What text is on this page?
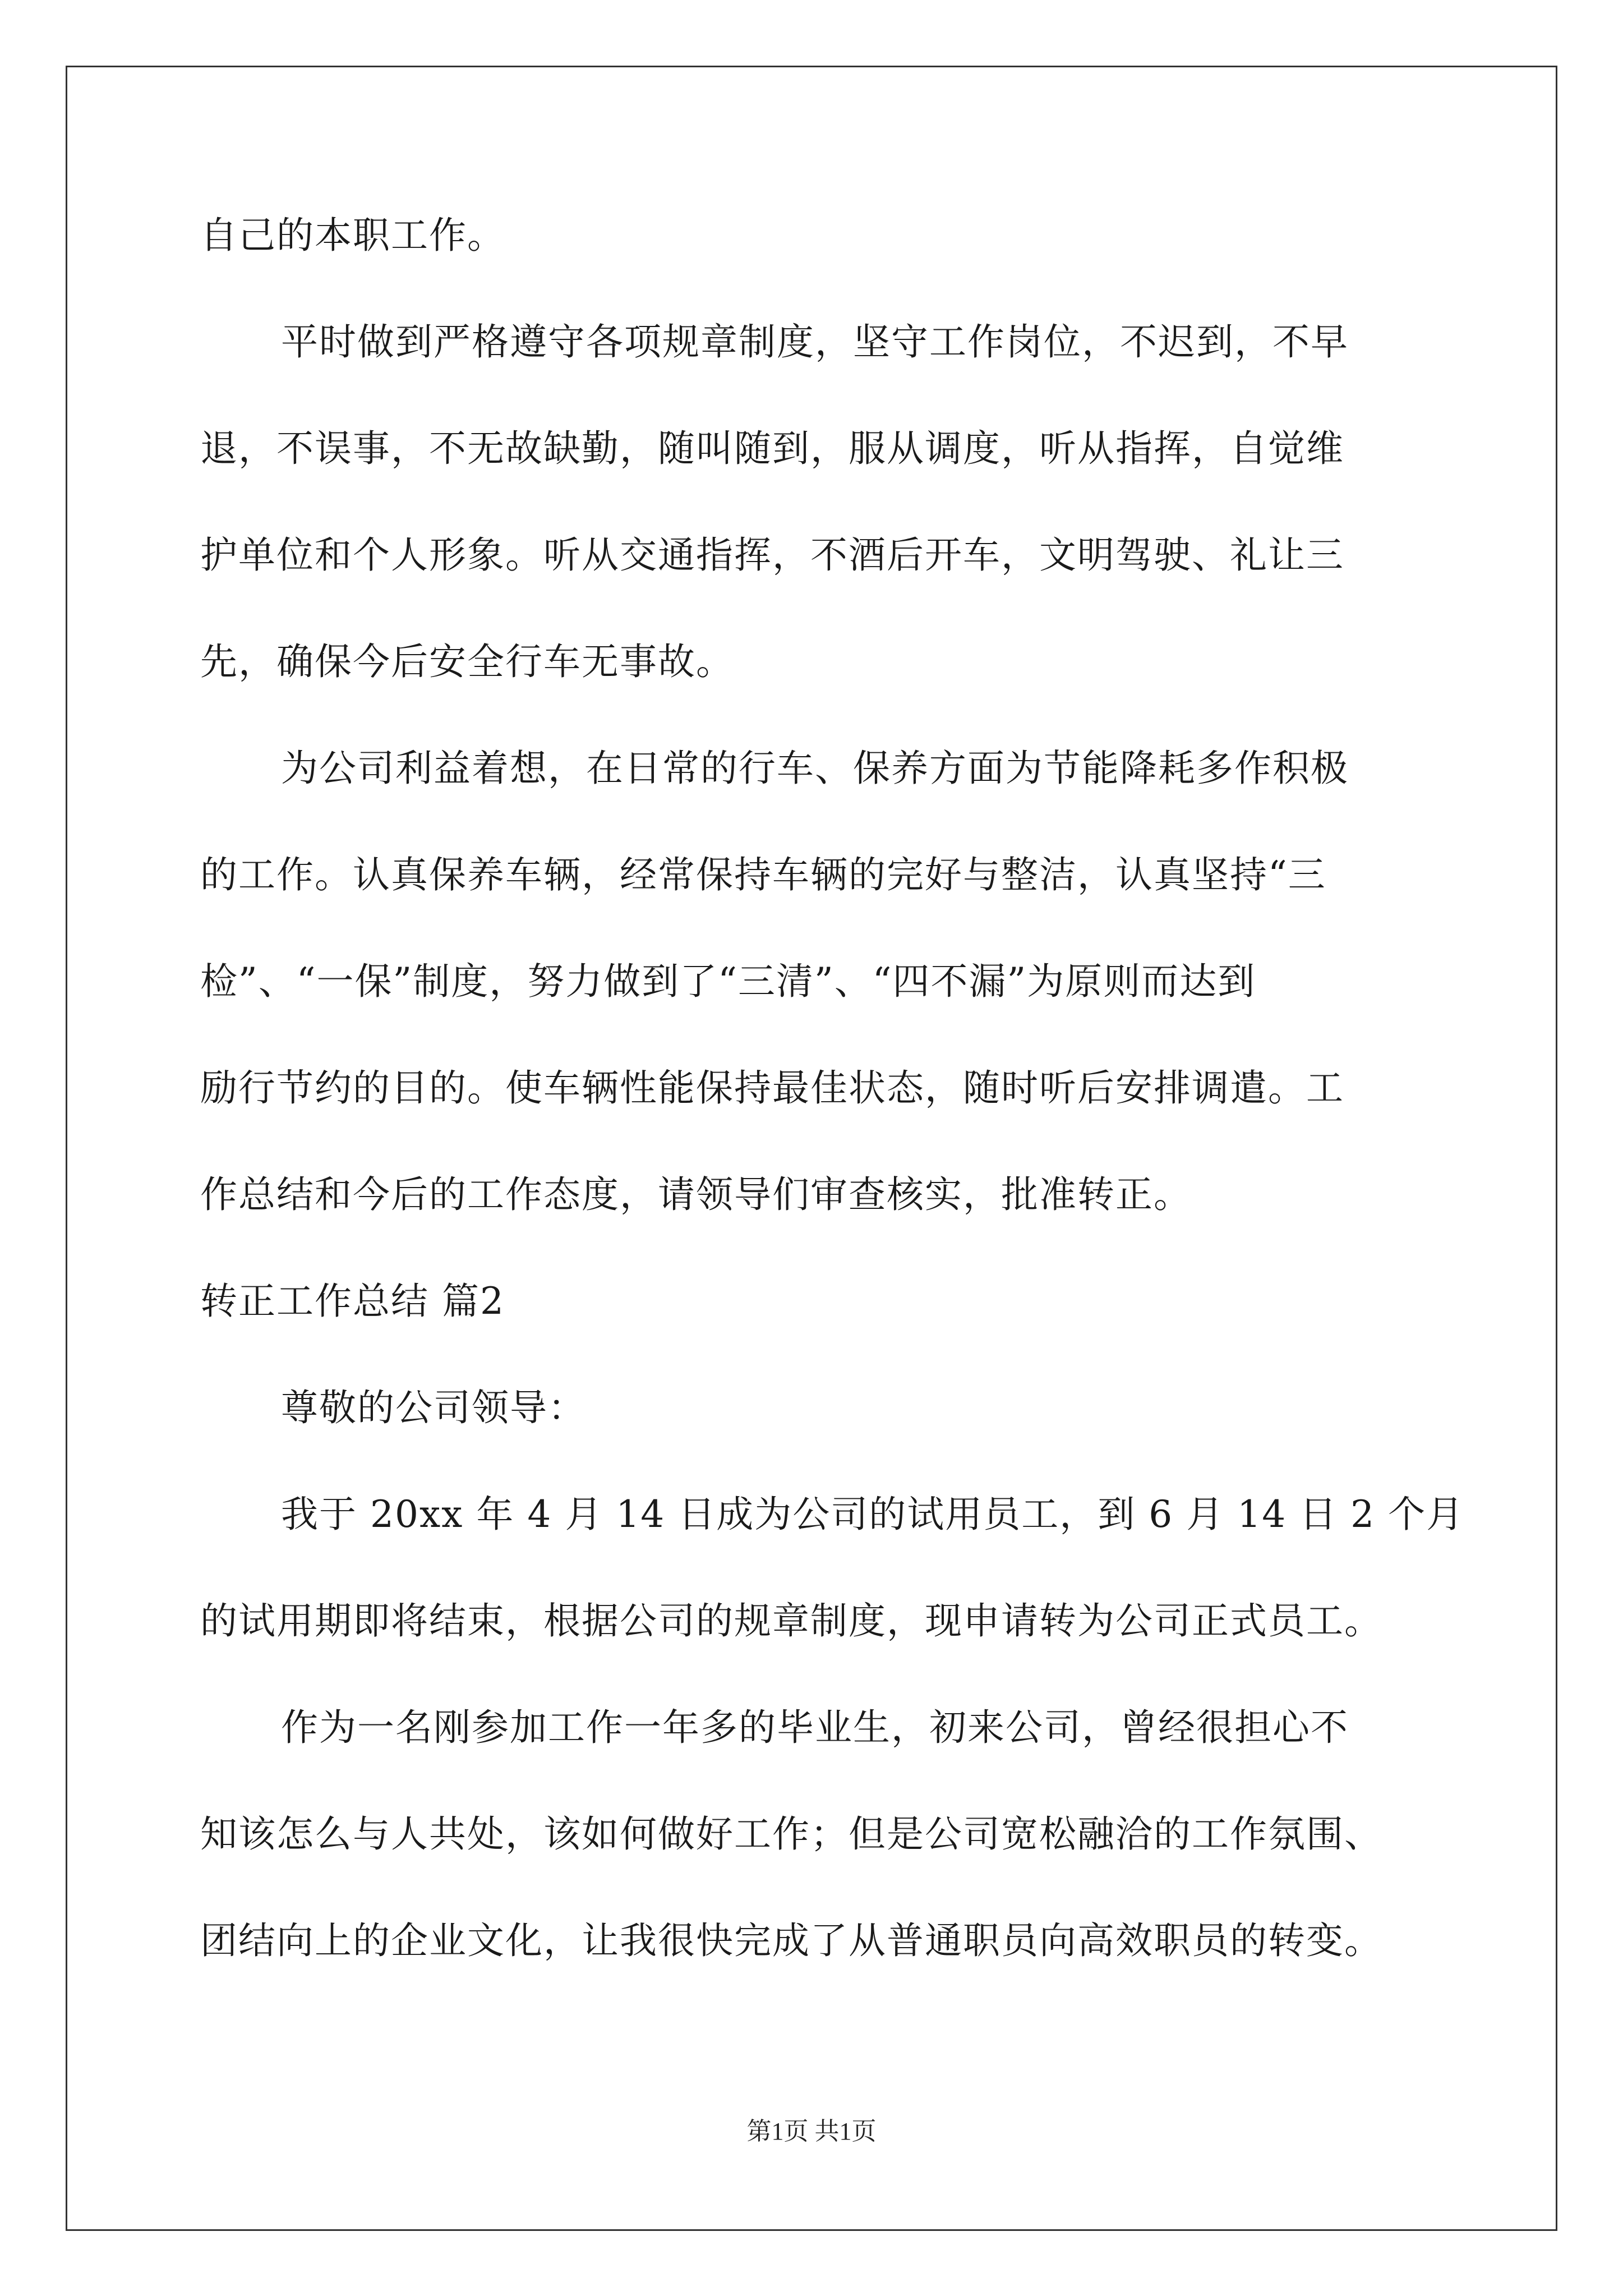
自己的本职工作。
平时做到严格遵守各项规章制度，坚守工作岗位，不迟到，不早
退，不误事，不无故缺勤，随叫随到，服从调度，听从指挥，自觉维
护单位和个人形象。听从交通指挥，不酒后开车，文明驾驶、礼让三
先，确保今后安全行车无事故。
为公司利益着想，在日常的行车、保养方面为节能降耗多作积极
的工作。认真保养车辆，经常保持车辆的完好与整洁，认真坚持“三
检”、“一保”制度，努力做到了“三清”、“四不漏”为原则而达到
励行节约的目的。使车辆性能保持最佳状态，随时听后安排调遣。工
作总结和今后的工作态度，请领导们审查核实，批准转正。
转正工作总结 篇2
尊敬的公司领导：
我于 20xx 年 4 月 14 日成为公司的试用员工，到 6 月 14 日 2 个月
的试用期即将结束，根据公司的规章制度，现申请转为公司正式员工。
作为一名刚参加工作一年多的毕业生，初来公司，曾经很担心不
知该怎么与人共处，该如何做好工作；但是公司宽松融洽的工作氛围、
团结向上的企业文化，让我很快完成了从普通职员向高效职员的转变。
第1页 共1页
